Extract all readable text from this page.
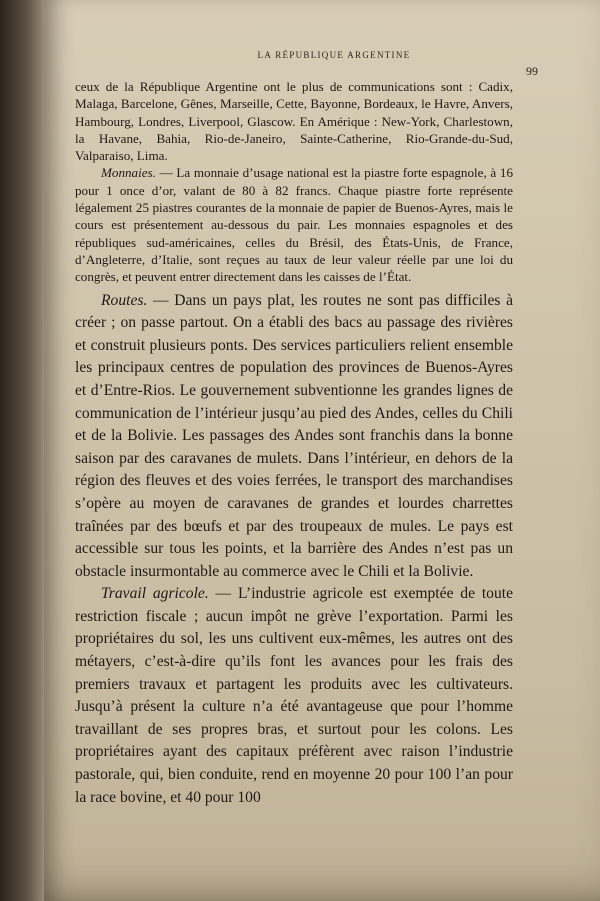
LA RÉPUBLIQUE ARGENTINE
99

ceux de la République Argentine ont le plus de communications sont : Cadix, Malaga, Barcelone, Gênes, Marseille, Cette, Bayonne, Bordeaux, le Havre, Anvers, Hambourg, Londres, Liverpool, Glascow. En Amérique : New-York, Charlestown, la Havane, Bahia, Rio-de-Janeiro, Sainte-Catherine, Rio-Grande-du-Sud, Valparaiso, Lima.

Monnaies. — La monnaie d’usage national est la piastre forte espagnole, à 16 pour 1 once d’or, valant de 80 à 82 francs. Chaque piastre forte représente légalement 25 piastres courantes de la monnaie de papier de Buenos-Ayres, mais le cours est présentement au-dessous du pair. Les monnaies espagnoles et des républiques sud-américaines, celles du Brésil, des États-Unis, de France, d’Angleterre, d’Italie, sont reçues au taux de leur valeur réelle par une loi du congrès, et peuvent entrer directement dans les caisses de l’État.

Routes. — Dans un pays plat, les routes ne sont pas difficiles à créer ; on passe partout. On a établi des bacs au passage des rivières et construit plusieurs ponts. Des services particuliers relient ensemble les principaux centres de population des provinces de Buenos-Ayres et d’Entre-Rios. Le gouvernement subventionne les grandes lignes de communication de l’intérieur jusqu’au pied des Andes, celles du Chili et de la Bolivie. Les passages des Andes sont franchis dans la bonne saison par des caravanes de mulets. Dans l’intérieur, en dehors de la région des fleuves et des voies ferrées, le transport des marchandises s’opère au moyen de caravanes de grandes et lourdes charrettes traînées par des bœufs et par des troupeaux de mules. Le pays est accessible sur tous les points, et la barrière des Andes n’est pas un obstacle insurmontable au commerce avec le Chili et la Bolivie.

Travail agricole. — L’industrie agricole est exemptée de toute restriction fiscale ; aucun impôt ne grève l’exportation. Parmi les propriétaires du sol, les uns cultivent eux-mêmes, les autres ont des métayers, c’est-à-dire qu’ils font les avances pour les frais des premiers travaux et partagent les produits avec les cultivateurs. Jusqu’à présent la culture n’a été avantageuse que pour l’homme travaillant de ses propres bras, et surtout pour les colons. Les propriétaires ayant des capitaux préfèrent avec raison l’industrie pastorale, qui, bien conduite, rend en moyenne 20 pour 100 l’an pour la race bovine, et 40 pour 100
